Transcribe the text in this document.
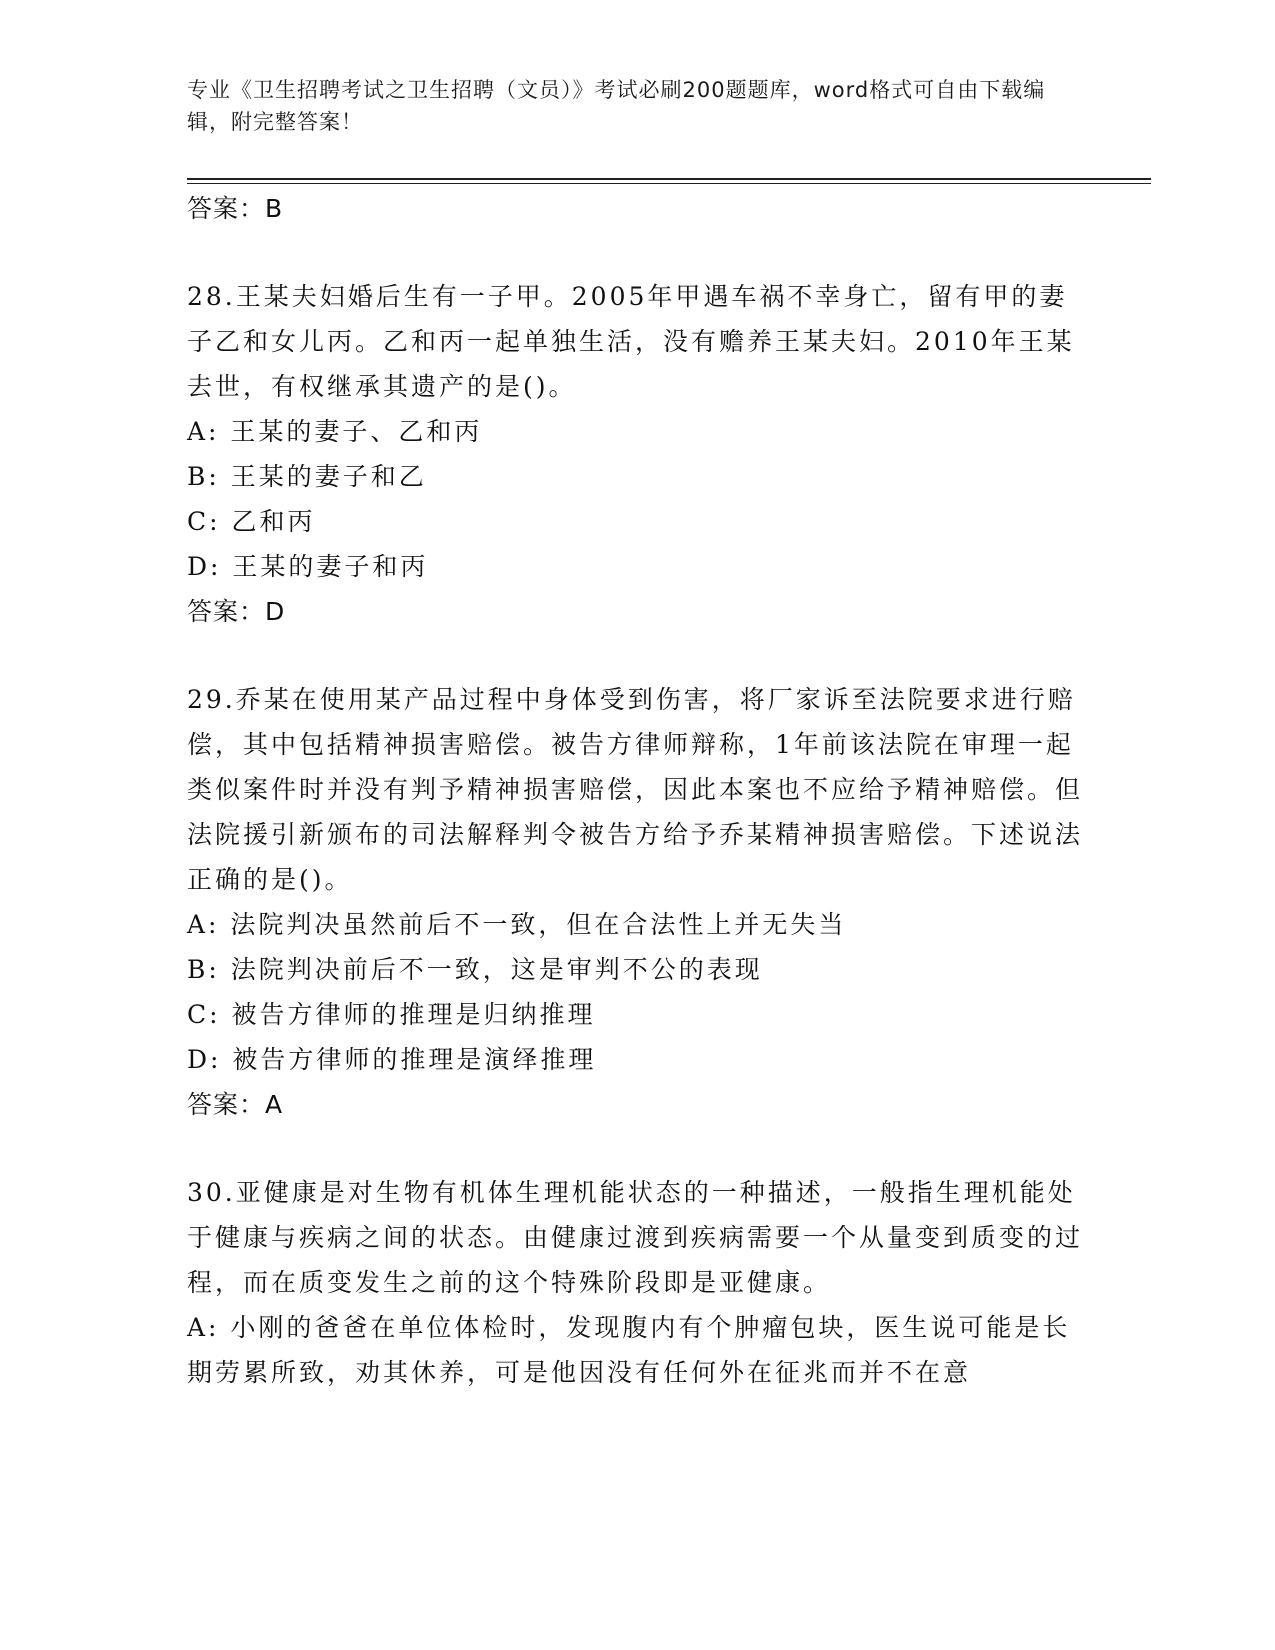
专业《卫生招聘考试之卫生招聘（文员）》考试必刷200题题库，word格式可自由下载编辑，附完整答案！

答案：B

28.王某夫妇婚后生有一子甲。2005年甲遇车祸不幸身亡，留有甲的妻子乙和女儿丙。乙和丙一起单独生活，没有赡养王某夫妇。2010年王某去世，有权继承其遗产的是()。

A: 王某的妻子、乙和丙
B: 王某的妻子和乙
C: 乙和丙
D: 王某的妻子和丙

答案：D

29.乔某在使用某产品过程中身体受到伤害，将厂家诉至法院要求进行赔偿，其中包括精神损害赔偿。被告方律师辩称，1年前该法院在审理一起类似案件时并没有判予精神损害赔偿，因此本案也不应给予精神赔偿。但法院援引新颁布的司法解释判令被告方给予乔某精神损害赔偿。下述说法正确的是()。

A: 法院判决虽然前后不一致，但在合法性上并无失当
B: 法院判决前后不一致，这是审判不公的表现
C: 被告方律师的推理是归纳推理
D: 被告方律师的推理是演绎推理

答案：A

30.亚健康是对生物有机体生理机能状态的一种描述，一般指生理机能处于健康与疾病之间的状态。由健康过渡到疾病需要一个从量变到质变的过程，而在质变发生之前的这个特殊阶段即是亚健康。

A: 小刚的爸爸在单位体检时，发现腹内有个肿瘤包块，医生说可能是长期劳累所致，劝其休养，可是他因没有任何外在征兆而并不在意
